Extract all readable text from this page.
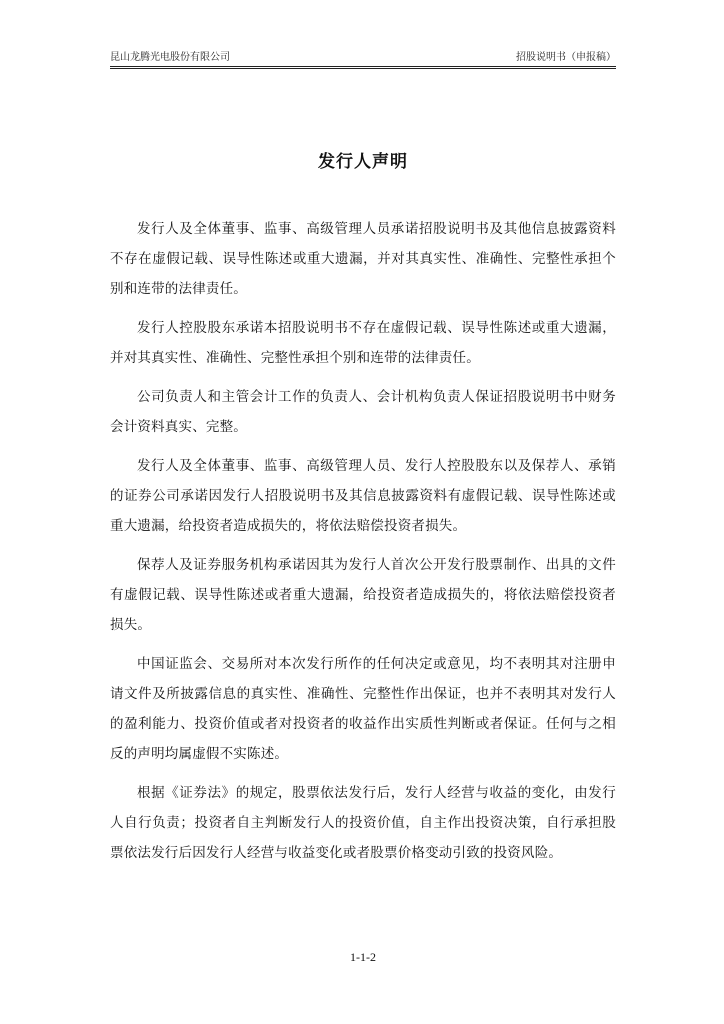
昆山龙腾光电股份有限公司	招股说明书（申报稿）
发行人声明

发行人及全体董事、监事、高级管理人员承诺招股说明书及其他信息披露资料不存在虚假记载、误导性陈述或重大遗漏，并对其真实性、准确性、完整性承担个别和连带的法律责任。

发行人控股股东承诺本招股说明书不存在虚假记载、误导性陈述或重大遗漏，并对其真实性、准确性、完整性承担个别和连带的法律责任。

公司负责人和主管会计工作的负责人、会计机构负责人保证招股说明书中财务会计资料真实、完整。

发行人及全体董事、监事、高级管理人员、发行人控股股东以及保荐人、承销的证券公司承诺因发行人招股说明书及其信息披露资料有虚假记载、误导性陈述或重大遗漏，给投资者造成损失的，将依法赔偿投资者损失。

保荐人及证券服务机构承诺因其为发行人首次公开发行股票制作、出具的文件有虚假记载、误导性陈述或者重大遗漏，给投资者造成损失的，将依法赔偿投资者损失。

中国证监会、交易所对本次发行所作的任何决定或意见，均不表明其对注册申请文件及所披露信息的真实性、准确性、完整性作出保证，也并不表明其对发行人的盈利能力、投资价值或者对投资者的收益作出实质性判断或者保证。任何与之相反的声明均属虚假不实陈述。

根据《证券法》的规定，股票依法发行后，发行人经营与收益的变化，由发行人自行负责；投资者自主判断发行人的投资价值，自主作出投资决策，自行承担股票依法发行后因发行人经营与收益变化或者股票价格变动引致的投资风险。

1-1-2
